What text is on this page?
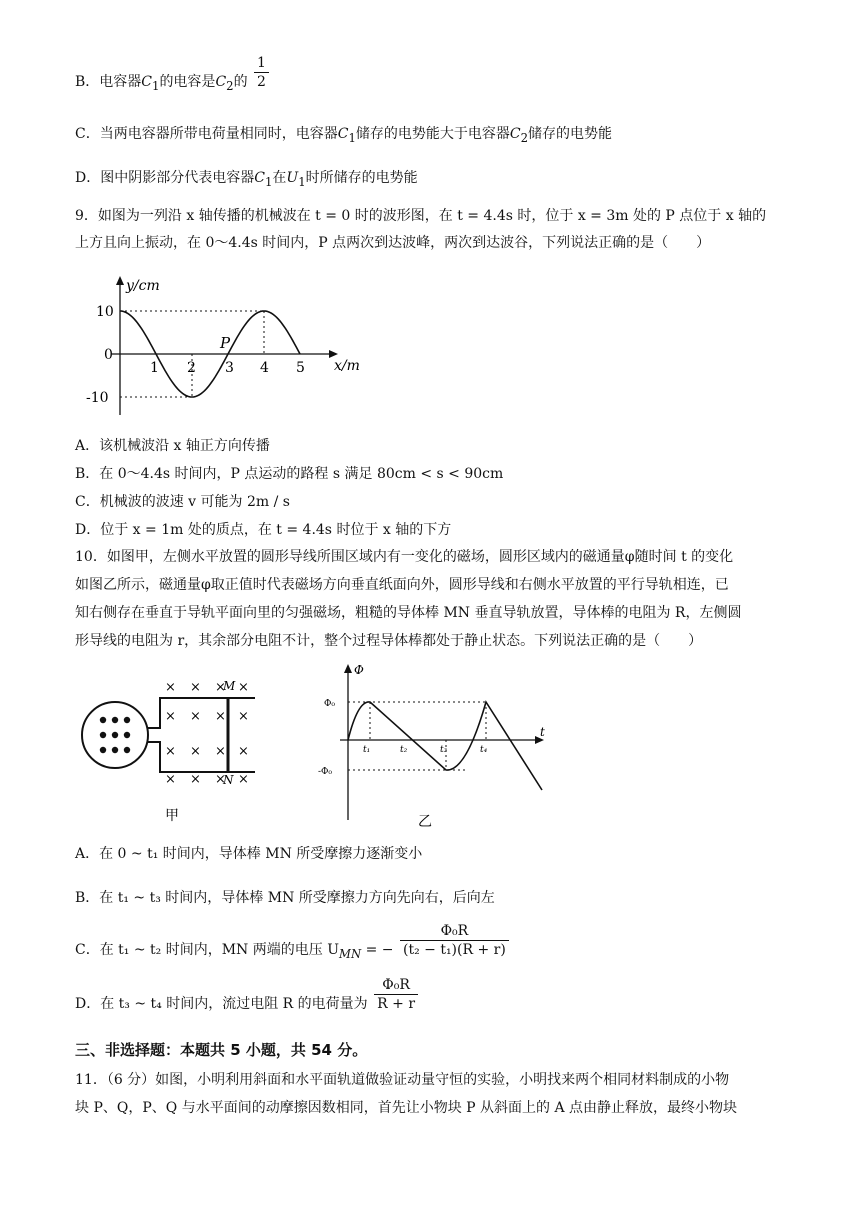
B．电容器$C_1$的电容是$C_2$的 $\frac{1}{2}$
C．当两电容器所带电荷量相同时，电容器$C_1$储存的电势能大于电容器$C_2$储存的电势能
D．图中阴影部分代表电容器$C_1$在$U_1$时所储存的电势能
9．如图为一列沿 x 轴传播的机械波在 t = 0 时的波形图，在 t = 4.4s 时，位于 x = 3m 处的 P 点位于 x 轴的
上方且向上振动，在 0～4.4s 时间内，P 点两次到达波峰，两次到达波谷，下列说法正确的是（　　）
y/cm
x/m
10
0
-10
1 2 3 4 5
P
A．该机械波沿 x 轴正方向传播
B．在 0～4.4s 时间内，P 点运动的路程 s 满足 80cm < s < 90cm
C．机械波的波速 v 可能为 2m / s
D．位于 x = 1m 处的质点，在 t = 4.4s 时位于 x 轴的下方
10．如图甲，左侧水平放置的圆形导线所围区域内有一变化的磁场，圆形区域内的磁通量φ随时间 t 的变化
如图乙所示，磁通量φ取正值时代表磁场方向垂直纸面向外，圆形导线和右侧水平放置的平行导轨相连，已
知右侧存在垂直于导轨平面向里的匀强磁场，粗糙的导体棒 MN 垂直导轨放置，导体棒的电阻为 R，左侧圆
形导线的电阻为 r，其余部分电阻不计，整个过程导体棒都处于静止状态。下列说法正确的是（　　）
× × × ×
× × × ×
× × × ×
× × × ×
M
N
甲
Φ
t
Φ₀
-Φ₀
t₁	t₂	t₃	t₄
乙
A．在 0 ~ t₁ 时间内，导体棒 MN 所受摩擦力逐渐变小
B．在 t₁ ~ t₃ 时间内，导体棒 MN 所受摩擦力方向先向右，后向左
C．在 t₁ ~ t₂ 时间内，MN 两端的电压 $U_{MN}$ = − $\frac{\text{Φ₀R}}{\text{(t₂ − t₁)(R + r)}}$
D．在 t₃ ~ t₄ 时间内，流过电阻 R 的电荷量为 $\frac{\text{Φ₀R}}{R + r}$
三、非选择题：本题共 5 小题，共 54 分。
11．（6 分）如图，小明利用斜面和水平面轨道做验证动量守恒的实验，小明找来两个相同材料制成的小物
块 P、Q，P、Q 与水平面间的动摩擦因数相同，首先让小物块 P 从斜面上的 A 点由静止释放，最终小物块
